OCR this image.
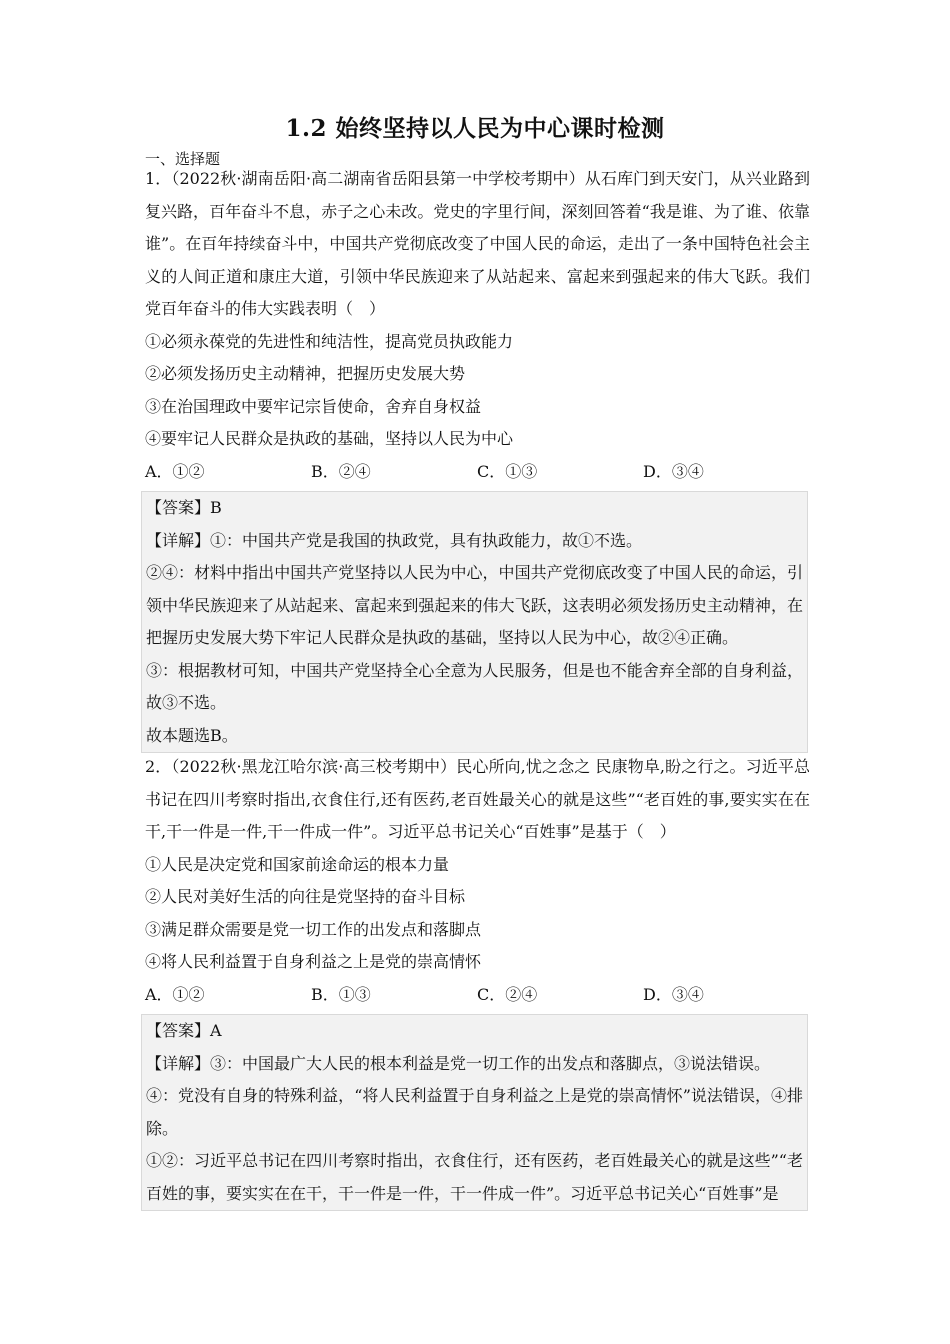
1.2 始终坚持以人民为中心课时检测
一、选择题

1．（2022秋·湖南岳阳·高二湖南省岳阳县第一中学校考期中）从石库门到天安门，从兴业路到复兴路，百年奋斗不息，赤子之心未改。党史的字里行间，深刻回答着“我是谁、为了谁、依靠谁”。在百年持续奋斗中，中国共产党彻底改变了中国人民的命运，走出了一条中国特色社会主义的人间正道和康庄大道，引领中华民族迎来了从站起来、富起来到强起来的伟大飞跃。我们党百年奋斗的伟大实践表明（　）

①必须永葆党的先进性和纯洁性，提高党员执政能力

②必须发扬历史主动精神，把握历史发展大势

③在治国理政中要牢记宗旨使命，舍弃自身权益

④要牢记人民群众是执政的基础，坚持以人民为中心

A．①②	B．②④	C．①③	D．③④

【答案】B

【详解】①：中国共产党是我国的执政党，具有执政能力，故①不选。

②④：材料中指出中国共产党坚持以人民为中心，中国共产党彻底改变了中国人民的命运，引领中华民族迎来了从站起来、富起来到强起来的伟大飞跃，这表明必须发扬历史主动精神，在把握历史发展大势下牢记人民群众是执政的基础，坚持以人民为中心，故②④正确。

③：根据教材可知，中国共产党坚持全心全意为人民服务，但是也不能舍弃全部的自身利益，故③不选。

故本题选B。

2．（2022秋·黑龙江哈尔滨·高三校考期中）民心所向,忧之念之 民康物阜,盼之行之。习近平总书记在四川考察时指出,衣食住行,还有医药,老百姓最关心的就是这些”“老百姓的事,要实实在在干,干一件是一件,干一件成一件”。习近平总书记关心“百姓事”是基于（　）

①人民是决定党和国家前途命运的根本力量

②人民对美好生活的向往是党坚持的奋斗目标

③满足群众需要是党一切工作的出发点和落脚点

④将人民利益置于自身利益之上是党的崇高情怀

A．①②	B．①③	C．②④	D．③④

【答案】A

【详解】③：中国最广大人民的根本利益是党一切工作的出发点和落脚点，③说法错误。

④：党没有自身的特殊利益，“将人民利益置于自身利益之上是党的崇高情怀”说法错误，④排除。

①②：习近平总书记在四川考察时指出，衣食住行，还有医药，老百姓最关心的就是这些”“老百姓的事，要实实在在干，干一件是一件，干一件成一件”。习近平总书记关心“百姓事”是
